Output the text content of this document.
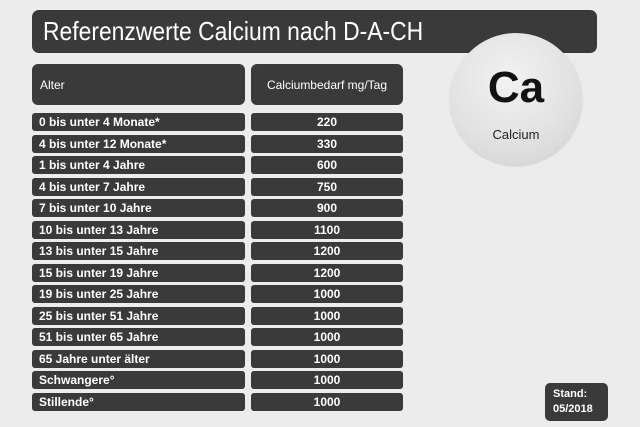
Referenzwerte Calcium nach D-A-CH
Alter	Calciumbedarf mg/Tag
0 bis unter 4 Monate*	220
4 bis unter 12 Monate*	330
1 bis unter 4 Jahre	600
4 bis unter 7 Jahre	750
7 bis unter 10 Jahre	900
10 bis unter 13 Jahre	1100
13 bis unter 15 Jahre	1200
15 bis unter 19 Jahre	1200
19 bis unter 25 Jahre	1000
25 bis unter 51 Jahre	1000
51 bis unter 65 Jahre	1000
65 Jahre unter älter	1000
Schwangere°	1000
Stillende°	1000
Ca
Calcium
Stand:
05/2018
